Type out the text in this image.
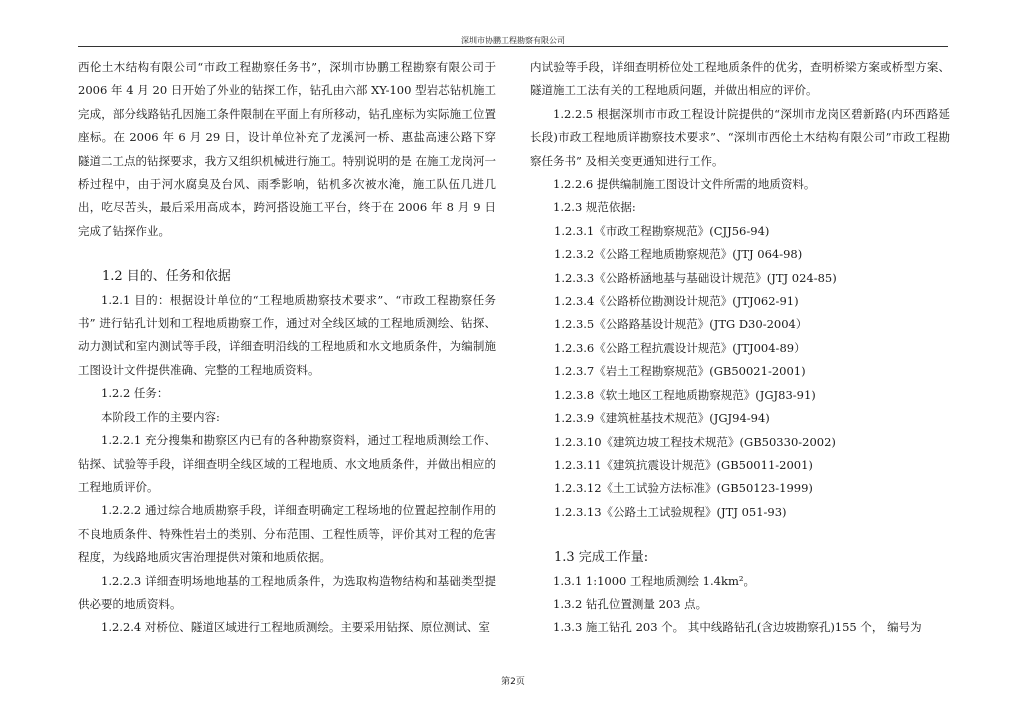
深圳市协鹏工程勘察有限公司

西伦土木结构有限公司“市政工程勘察任务书”，深圳市协鹏工程勘察有限公司于 2006 年 4 月 20 日开始了外业的钻探工作，钻孔由六部 XY-100 型岩芯钻机施工完成，部分线路钻孔因施工条件限制在平面上有所移动，钻孔座标为实际施工位置座标。在 2006 年 6 月 29 日，设计单位补充了龙溪河一桥、惠盐高速公路下穿隧道二工点的钻探要求，我方又组织机械进行施工。特别说明的是 在施工龙岗河一桥过程中，由于河水腐臭及台风、雨季影响，钻机多次被水淹，施工队伍几进几出，吃尽苦头，最后采用高成本，跨河搭设施工平台，终于在 2006 年 8 月 9 日完成了钻探作业。

1.2 目的、任务和依据

1.2.1 目的：根据设计单位的“工程地质勘察技术要求”、“市政工程勘察任务书” 进行钻孔计划和工程地质勘察工作，通过对全线区域的工程地质测绘、钻探、动力测试和室内测试等手段，详细查明沿线的工程地质和水文地质条件，为编制施工图设计文件提供准确、完整的工程地质资料。

1.2.2 任务：

本阶段工作的主要内容:

1.2.2.1 充分搜集和勘察区内已有的各种勘察资料，通过工程地质测绘工作、钻探、试验等手段，详细查明全线区域的工程地质、水文地质条件，并做出相应的工程地质评价。

1.2.2.2 通过综合地质勘察手段，详细查明确定工程场地的位置起控制作用的不良地质条件、特殊性岩土的类别、分布范围、工程性质等，评价其对工程的危害程度，为线路地质灾害治理提供对策和地质依据。

1.2.2.3 详细查明场地地基的工程地质条件，为选取构造物结构和基础类型提供必要的地质资料。

1.2.2.4 对桥位、隧道区域进行工程地质测绘。主要采用钻探、原位测试、室

内试验等手段，详细查明桥位处工程地质条件的优劣，查明桥梁方案或桥型方案、隧道施工工法有关的工程地质问题，并做出相应的评价。

1.2.2.5 根据深圳市市政工程设计院提供的“深圳市龙岗区碧新路(内环西路延长段)市政工程地质详勘察技术要求”、“深圳市西伦土木结构有限公司”市政工程勘察任务书” 及相关变更通知进行工作。

1.2.2.6 提供编制施工图设计文件所需的地质资料。

1.2.3 规范依据:

1.2.3.1《市政工程勘察规范》(CJJ56-94)

1.2.3.2《公路工程地质勘察规范》(JTJ 064-98)

1.2.3.3《公路桥涵地基与基础设计规范》(JTJ 024-85)

1.2.3.4《公路桥位勘测设计规范》(JTJ062-91)

1.2.3.5《公路路基设计规范》(JTG D30-2004）

1.2.3.6《公路工程抗震设计规范》(JTJ004-89）

1.2.3.7《岩土工程勘察规范》(GB50021-2001)

1.2.3.8《软土地区工程地质勘察规范》(JGJ83-91)

1.2.3.9《建筑桩基技术规范》(JGJ94-94)

1.2.3.10《建筑边坡工程技术规范》(GB50330-2002)

1.2.3.11《建筑抗震设计规范》(GB50011-2001)

1.2.3.12《土工试验方法标准》(GB50123-1999)

1.2.3.13《公路土工试验规程》(JTJ 051-93)

1.3 完成工作量:

1.3.1 1:1000 工程地质测绘 1.4km²。

1.3.2 钻孔位置测量 203 点。

1.3.3 施工钻孔 203 个。 其中线路钻孔(含边坡勘察孔)155 个， 编号为

第2页
